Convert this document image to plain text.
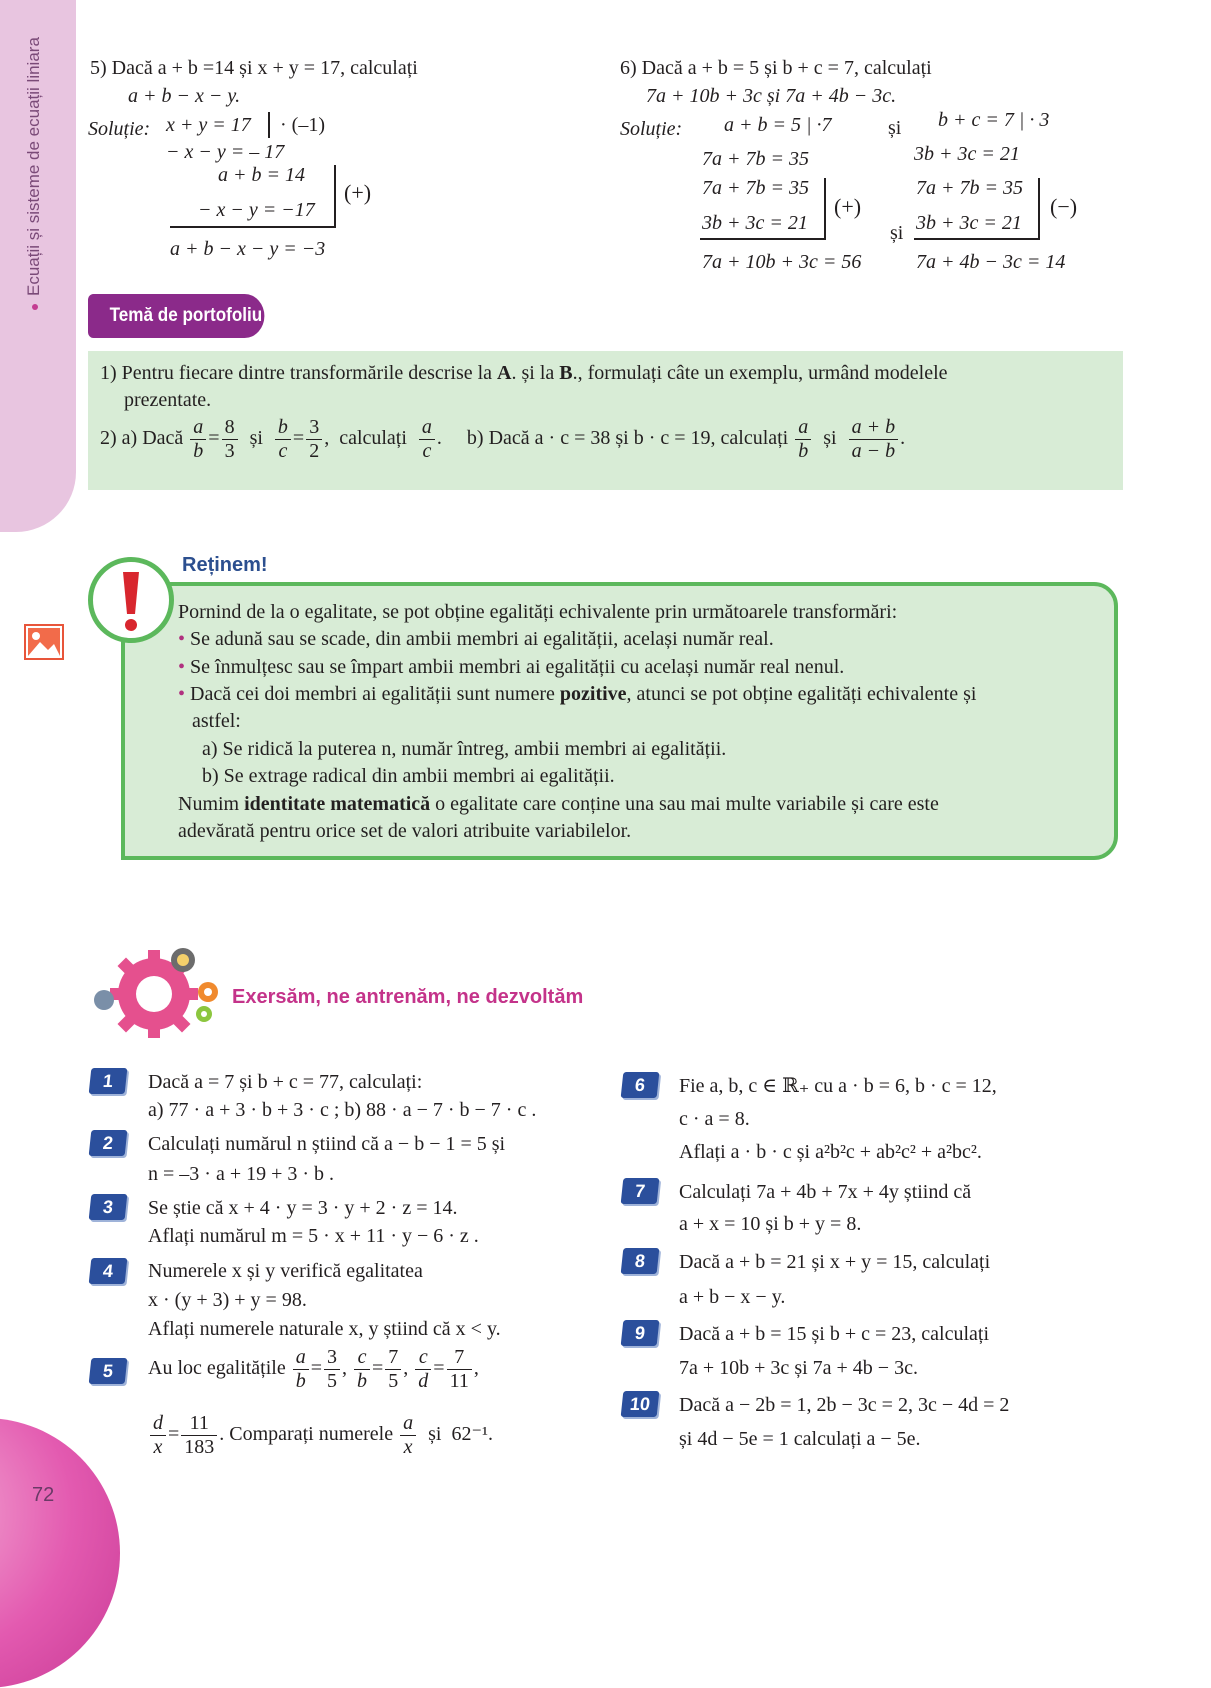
Ecuații și sisteme de ecuații liniara
72
5) Dacă a + b =14 și x + y = 17, calculați
a + b − x − y.
Soluție: x + y = 17 · (–1)
− x − y = – 17
a + b = 14
− x − y = −17
(+)
a + b − x − y = −3
6) Dacă a + b = 5 și b + c = 7, calculați
7a + 10b + 3c și 7a + 4b − 3c.
Soluție: a + b = 5 | ·7	și b + c = 7 | · 3
7a + 7b = 35	3b + 3c = 21
7a + 7b = 35
3b + 3c = 21
(+)
7a + 10b + 3c = 56
7a + 7b = 35
și 3b + 3c = 21
(−)
7a + 4b − 3c = 14
Temă de portofoliu
1) Pentru fiecare dintre transformările descrise la A. și la B., formulați câte un exemplu, urmând modelele
prezentate.
2) a) Dacă $\frac{a}{b} = \frac{8}{3}$ și $\frac{b}{c} = \frac{3}{2}$ ,  calculați $\frac{a}{c}$ .     b) Dacă a · c = 38 și b · c = 19, calculați $\frac{a}{b}$ și $\frac{a + b}{a - b}$ .
Reținem!
Pornind de la o egalitate, se pot obține egalități echivalente prin următoarele transformări:
• Se adună sau se scade, din ambii membri ai egalității, același număr real.
• Se înmulțesc sau se împart ambii membri ai egalității cu același număr real nenul.
• Dacă cei doi membri ai egalității sunt numere pozitive, atunci se pot obține egalități echivalente și
astfel:
a) Se ridică la puterea n, număr întreg, ambii membri ai egalității.
b) Se extrage radical din ambii membri ai egalității.
Numim identitate matematică o egalitate care conține una sau mai multe variabile și care este
adevărată pentru orice set de valori atribuite variabilelor.
Exersăm, ne antrenăm, ne dezvoltăm
1	Dacă a = 7 și b + c = 77, calculați:
a) 77 · a + 3 · b + 3 · c ; b) 88 · a − 7 · b − 7 · c .
2	Calculați numărul n știind că a − b − 1 = 5 și
n = –3 · a + 19 + 3 · b .
3	Se știe că x + 4 · y = 3 · y + 2 · z = 14.
Aflați numărul m = 5 · x + 11 · y − 6 · z .
4	Numerele x și y verifică egalitatea
x · (y + 3) + y = 98.
Aflați numerele naturale x, y știind că x < y.
5	Au loc egalitățile $\frac{a}{b} = \frac{3}{5}$ , $\frac{c}{b} = \frac{7}{5}$ , $\frac{c}{d} = \frac{7}{11}$ ,
$\frac{d}{x} = \frac{11}{183}$ . Comparați numerele $\frac{a}{x}$ și 62⁻¹.
6	Fie a, b, c ∈ ℝ₊ cu a · b = 6, b · c = 12,
c · a = 8.
Aflați a · b · c și a²b²c + ab²c² + a²bc².
7	Calculați 7a + 4b + 7x + 4y știind că
a + x = 10 și b + y = 8.
8	Dacă a + b = 21 și x + y = 15, calculați
a + b − x − y.
9	Dacă a + b = 15 și b + c = 23, calculați
7a + 10b + 3c și 7a + 4b − 3c.
10	Dacă a − 2b = 1, 2b − 3c = 2, 3c − 4d = 2
și 4d − 5e = 1 calculați a − 5e.
